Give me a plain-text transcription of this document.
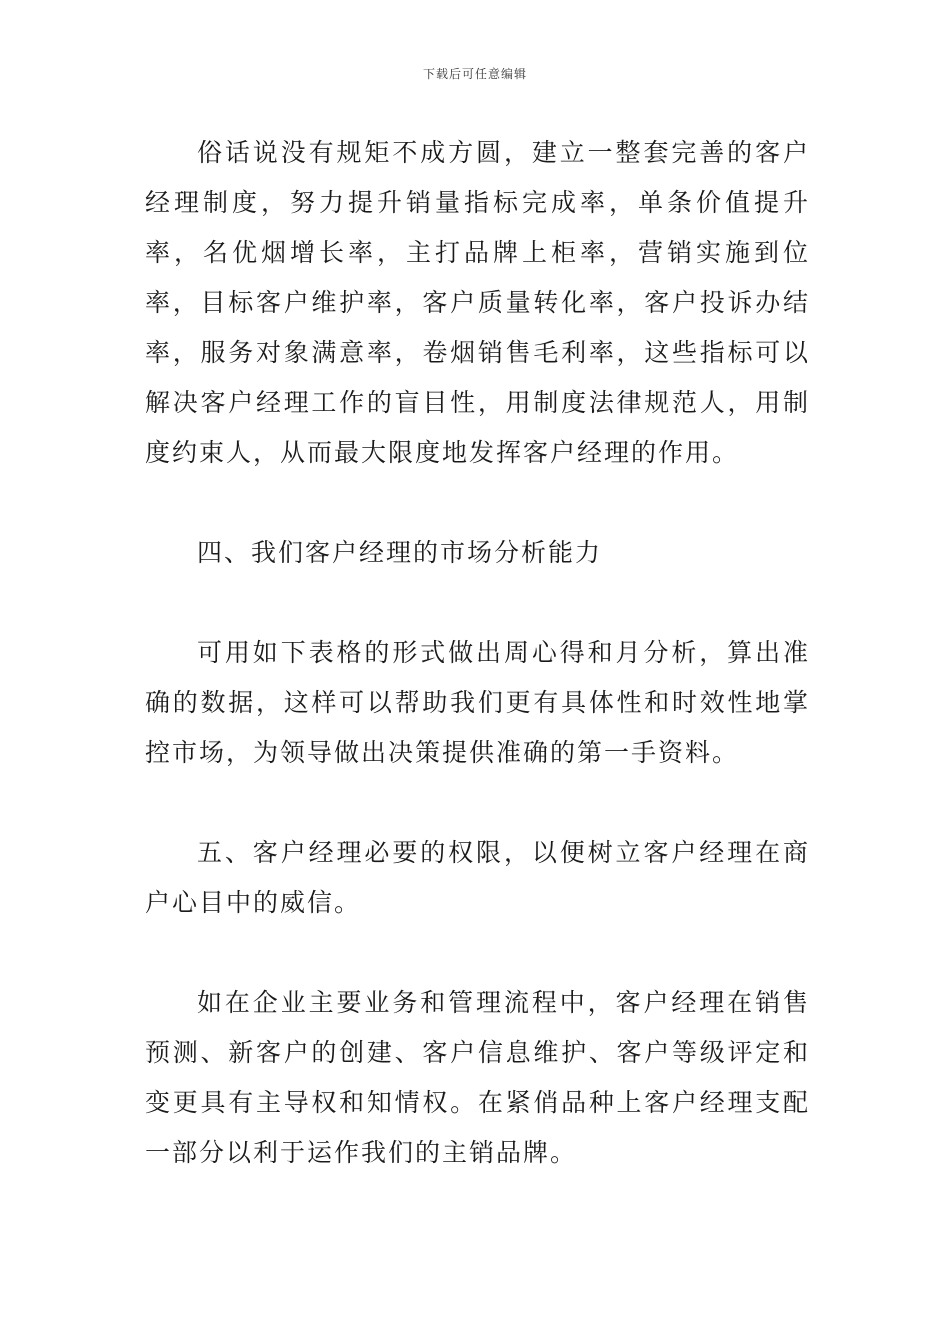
下载后可任意编辑

俗话说没有规矩不成方圆，建立一整套完善的客户经理制度，努力提升销量指标完成率，单条价值提升率，名优烟增长率，主打品牌上柜率，营销实施到位率，目标客户维护率，客户质量转化率，客户投诉办结率，服务对象满意率，卷烟销售毛利率，这些指标可以解决客户经理工作的盲目性，用制度法律规范人，用制度约束人，从而最大限度地发挥客户经理的作用。

四、我们客户经理的市场分析能力

可用如下表格的形式做出周心得和月分析，算出准确的数据，这样可以帮助我们更有具体性和时效性地掌控市场，为领导做出决策提供准确的第一手资料。

五、客户经理必要的权限，以便树立客户经理在商户心目中的威信。

如在企业主要业务和管理流程中，客户经理在销售预测、新客户的创建、客户信息维护、客户等级评定和变更具有主导权和知情权。在紧俏品种上客户经理支配一部分以利于运作我们的主销品牌。
